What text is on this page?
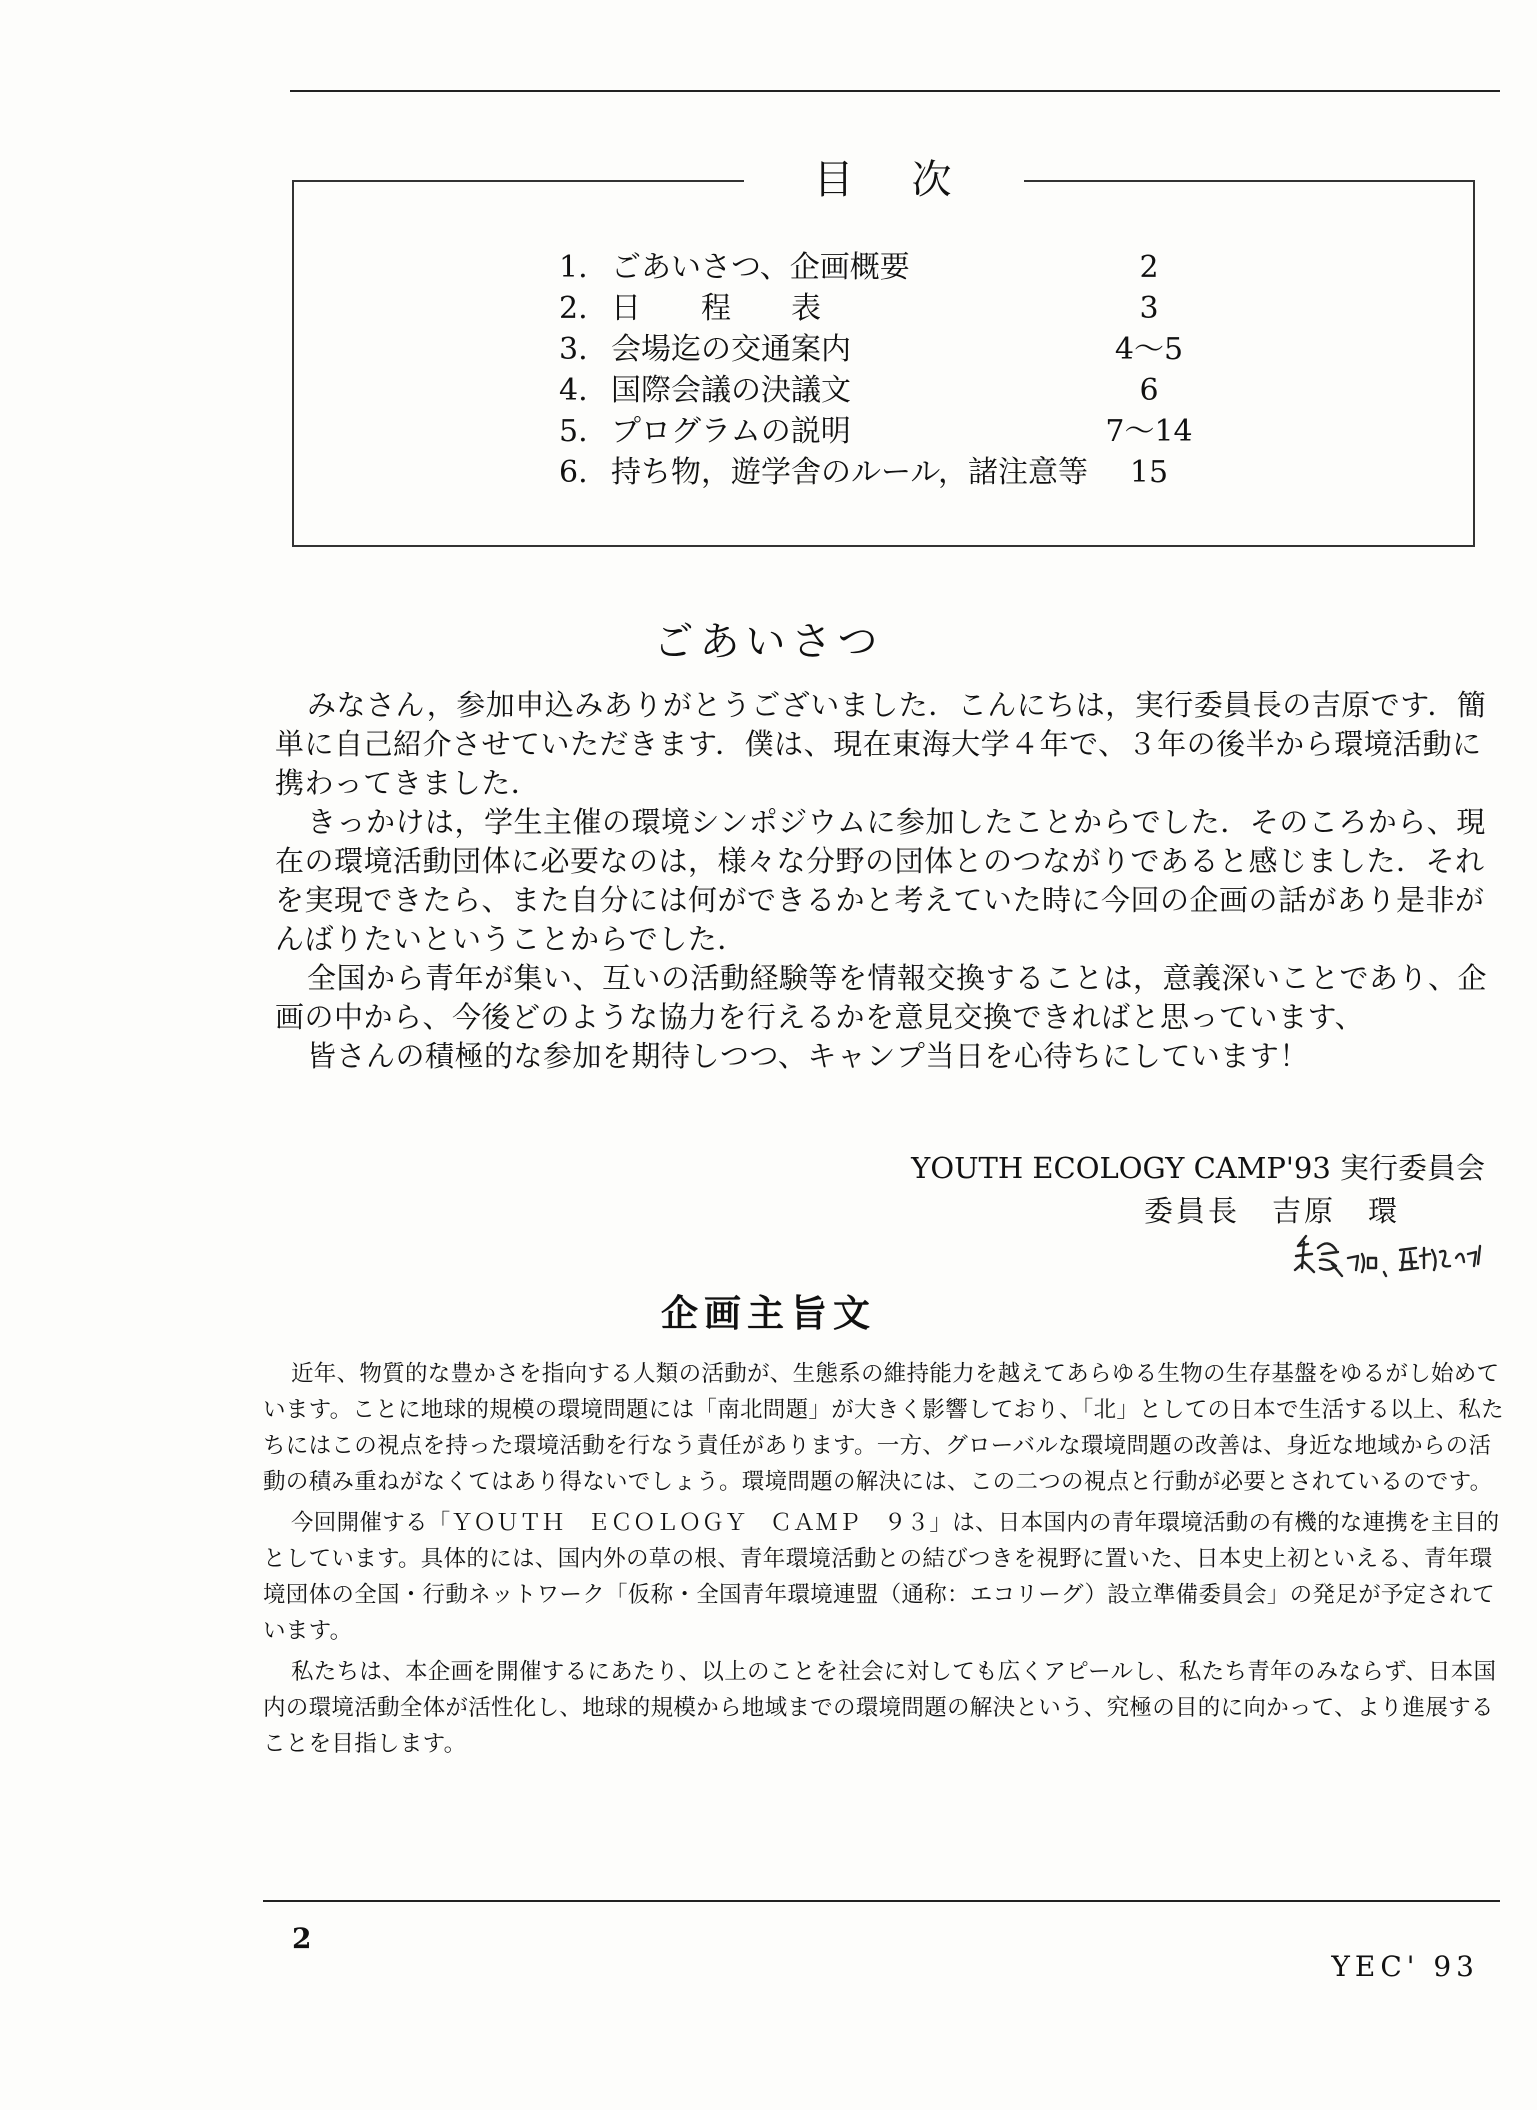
目次
1. ごあいさつ、企画概要	2
2. 日　　程　　表	3
3. 会場迄の交通案内	4〜5
4. 国際会議の決議文	6
5. プログラムの説明	7〜14
6. 持ち物，遊学舎のルール，諸注意等	15
ごあいさつ

みなさん，参加申込みありがとうございました．こんにちは，実行委員長の吉原です．簡単に自己紹介させていただきます．僕は、現在東海大学４年で、３年の後半から環境活動に携わってきました．

きっかけは，学生主催の環境シンポジウムに参加したことからでした．そのころから、現在の環境活動団体に必要なのは，様々な分野の団体とのつながりであると感じました．それを実現できたら、また自分には何ができるかと考えていた時に今回の企画の話があり是非がんばりたいということからでした．

全国から青年が集い、互いの活動経験等を情報交換することは，意義深いことであり、企画の中から、今後どのような協力を行えるかを意見交換できればと思っています、

皆さんの積極的な参加を期待しつつ、キャンプ当日を心待ちにしています！

YOUTH ECOLOGY CAMP'93 実行委員会
委員長　吉原　環
企画主旨文

近年、物質的な豊かさを指向する人類の活動が、生態系の維持能力を越えてあらゆる生物の生存基盤をゆるがし始めています。ことに地球的規模の環境問題には「南北問題」が大きく影響しており、「北」としての日本で生活する以上、私たちにはこの視点を持った環境活動を行なう責任があります。一方、グローバルな環境問題の改善は、身近な地域からの活動の積み重ねがなくてはあり得ないでしょう。環境問題の解決には、この二つの視点と行動が必要とされているのです。

今回開催する「ＹＯＵＴＨ　ＥＣＯＬＯＧＹ　ＣＡＭＰ　９３」は、日本国内の青年環境活動の有機的な連携を主目的としています。具体的には、国内外の草の根、青年環境活動との結びつきを視野に置いた、日本史上初といえる、青年環境団体の全国・行動ネットワーク「仮称・全国青年環境連盟（通称：エコリーグ）設立準備委員会」の発足が予定されています。

私たちは、本企画を開催するにあたり、以上のことを社会に対しても広くアピールし、私たち青年のみならず、日本国内の環境活動全体が活性化し、地球的規模から地域までの環境問題の解決という、究極の目的に向かって、より進展することを目指します。

2
YEC' 93
